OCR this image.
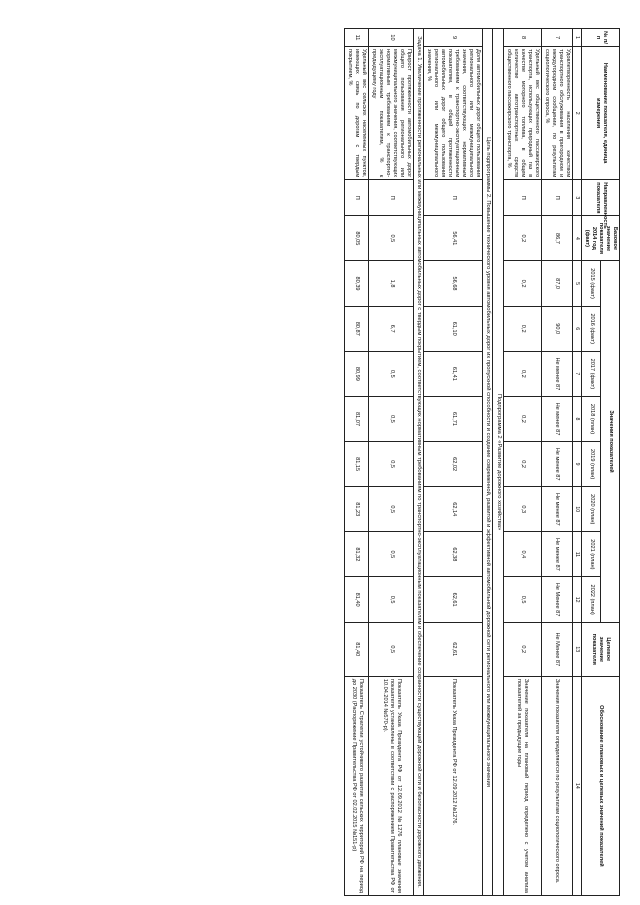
№ п/п	Наименование показателя, единица измерения	Направленность показателя	Базовое значение показателя 2014 год (факт)	Значения показателей								Целевое значение показателя	Обоснование плановых и целевых значений показателей
				2015 (факт)	2016 (факт)	2017 (факт)	2018 (план)	2019 (план)	2020 (план)	2021 (план)	2022 (план)		
1	2	3	4	5	6	7	8	9	10	11	12	13	14
7	Удовлетворенность населения качеством транспортного обслуживания в пригородном и междугородном сообщении, по результатам социологического опроса, %	П	86,7	87,0	90,0	Не менее 87	Не менее 87	Не менее 87	Не менее 87	Не менее 87	Не Менее 87	Не Менее 87	Значения показателя определяются по результатам социологического опроса.
8	Удельный вес общественного пассажирского транспорта, использующих природный газ в качестве моторного топлива, в общем количестве автотранспортных средств общественного пассажирского транспорта, %	П	0,2	0,2	0,2	0,2	0,2	0,2	0,3	0,4	0,5	0,2	Значение показателя на плановый период определено с учетом анализа показателей за предыдущие годы
Подпрограмма 2 «Развитие дорожного хозяйства»													
Цель подпрограммы 2. Повышение технического уровня автомобильных дорог их пропускной способности и создание современной, развитой и эффективной автомобильной дорожной сети регионального или межмуниципального значения													
9	Доля автомобильных дорог общего пользования регионального или межмуниципального значения, соответствующих нормативным требованиям к транспортно-эксплуатационным показателям, в общей протяженности автомобильных дорог общего пользования регионального или межмуниципального значения, %	П	56,41	56,68	61,10	61,41	61,71	62,02	62,14	62,38	62,61	62,61	Показатель Указа Президента РФ от 12.09.2012 №1276.
Задача 1. Увеличение протяженности региональных или межмуниципальных автомобильных дорог с твердым покрытием, соответствующих нормативным требованиям по транспортно-эксплуатационным показателям и обеспечение сохранности существующей дорожной сети и безопасности дорожного движения.													
10	Прирост протяженности автомобильных дорог общего пользования регионального или межмуниципального значения, соответствующих нормативным требованиям к транспортно-эксплуатационным показателям, % к предыдущему году	П	0,5	1,8	6,7	0,5	0,5	0,5	0,5	0,5	0,5	0,5	Показатель Указа Президента РФ от 12.09.2012 №1276 плановые значения показателя установлены в соответствии с распоряжением Правительства РФ от 10.04.2014 №570-р).
11	Удельный вес сельских населенных пунктов, имеющих связь по дорогам с твердым покрытием, %	П	80,05	80,39	80,87	80,99	81,07	81,15	81,23	81,32	81,40	81,40	Показатель Стратегии устойчивого развития сельских территорий РФ на период до 2030 (Распоряжение Правительства РФ от 02.02.2015 №151-р)
